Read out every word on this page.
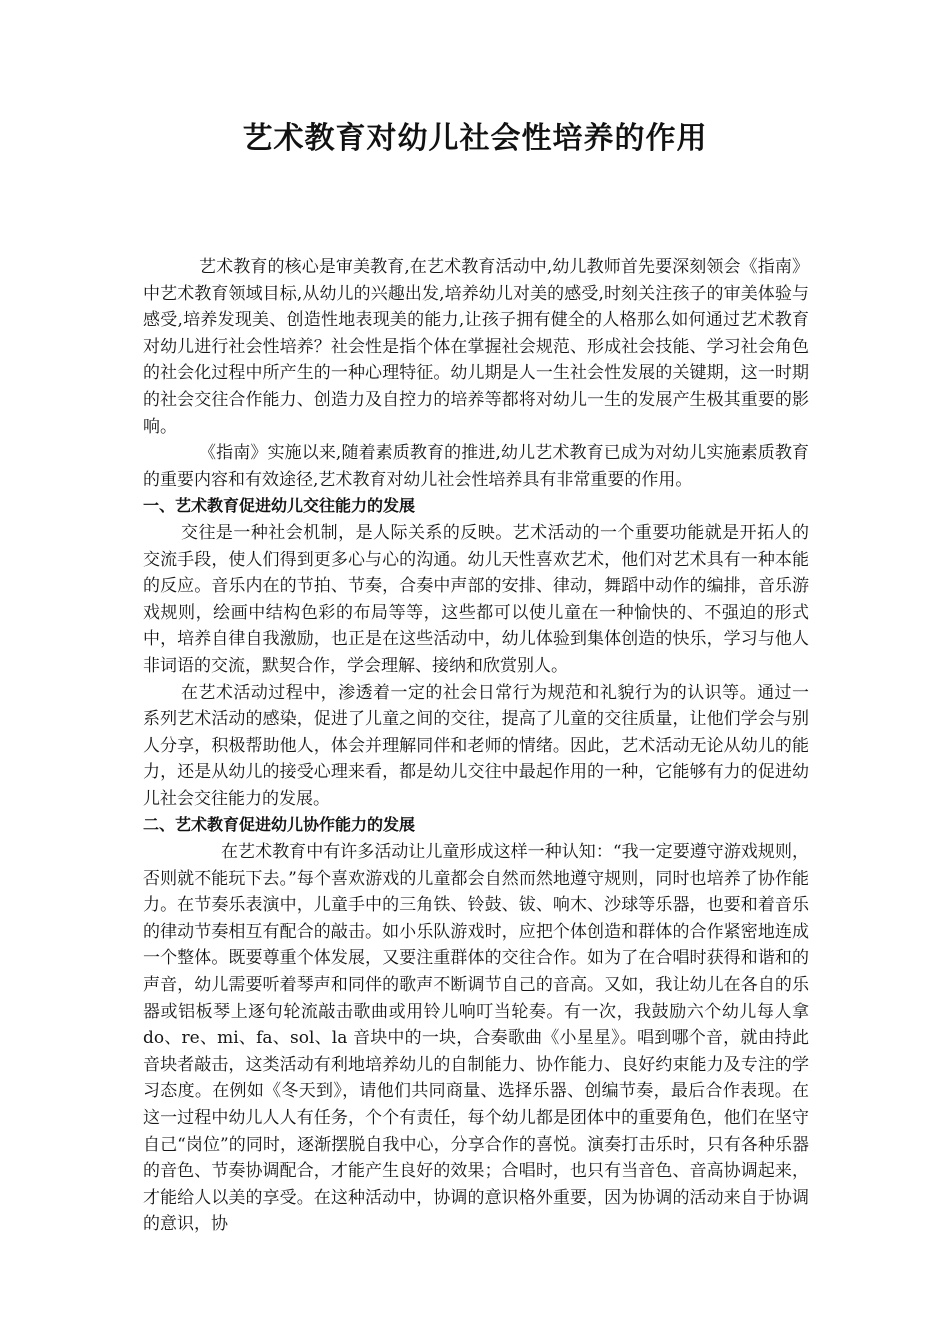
艺术教育对幼儿社会性培养的作用

艺术教育的核心是审美教育,在艺术教育活动中,幼儿教师首先要深刻领会《指南》中艺术教育领域目标,从幼儿的兴趣出发,培养幼儿对美的感受,时刻关注孩子的审美体验与感受,培养发现美、创造性地表现美的能力,让孩子拥有健全的人格那么如何通过艺术教育对幼儿进行社会性培养？社会性是指个体在掌握社会规范、形成社会技能、学习社会角色的社会化过程中所产生的一种心理特征。幼儿期是人一生社会性发展的关键期，这一时期的社会交往合作能力、创造力及自控力的培养等都将对幼儿一生的发展产生极其重要的影响。

《指南》实施以来,随着素质教育的推进,幼儿艺术教育已成为对幼儿实施素质教育的重要内容和有效途径,艺术教育对幼儿社会性培养具有非常重要的作用。

一、艺术教育促进幼儿交往能力的发展

交往是一种社会机制，是人际关系的反映。艺术活动的一个重要功能就是开拓人的交流手段，使人们得到更多心与心的沟通。幼儿天性喜欢艺术，他们对艺术具有一种本能的反应。音乐内在的节拍、节奏，合奏中声部的安排、律动，舞蹈中动作的编排，音乐游戏规则，绘画中结构色彩的布局等等，这些都可以使儿童在一种愉快的、不强迫的形式中，培养自律自我激励，也正是在这些活动中，幼儿体验到集体创造的快乐，学习与他人非词语的交流，默契合作，学会理解、接纳和欣赏别人。

在艺术活动过程中，渗透着一定的社会日常行为规范和礼貌行为的认识等。通过一系列艺术活动的感染，促进了儿童之间的交往，提高了儿童的交往质量，让他们学会与别人分享，积极帮助他人，体会并理解同伴和老师的情绪。因此，艺术活动无论从幼儿的能力，还是从幼儿的接受心理来看，都是幼儿交往中最起作用的一种，它能够有力的促进幼儿社会交往能力的发展。

二、艺术教育促进幼儿协作能力的发展

在艺术教育中有许多活动让儿童形成这样一种认知：“我一定要遵守游戏规则，否则就不能玩下去。”每个喜欢游戏的儿童都会自然而然地遵守规则，同时也培养了协作能力。在节奏乐表演中，儿童手中的三角铁、铃鼓、钹、响木、沙球等乐器，也要和着音乐的律动节奏相互有配合的敲击。如小乐队游戏时，应把个体创造和群体的合作紧密地连成一个整体。既要尊重个体发展，又要注重群体的交往合作。如为了在合唱时获得和谐和的声音，幼儿需要听着琴声和同伴的歌声不断调节自己的音高。又如，我让幼儿在各自的乐器或铝板琴上逐句轮流敲击歌曲或用铃儿响叮当轮奏。有一次，我鼓励六个幼儿每人拿 do、re、mi、fa、sol、la 音块中的一块，合奏歌曲《小星星》。唱到哪个音，就由持此音块者敲击，这类活动有利地培养幼儿的自制能力、协作能力、良好约束能力及专注的学习态度。在例如《冬天到》，请他们共同商量、选择乐器、创编节奏，最后合作表现。在这一过程中幼儿人人有任务，个个有责任，每个幼儿都是团体中的重要角色，他们在坚守自己“岗位”的同时，逐渐摆脱自我中心，分享合作的喜悦。演奏打击乐时，只有各种乐器的音色、节奏协调配合，才能产生良好的效果；合唱时，也只有当音色、音高协调起来，才能给人以美的享受。在这种活动中，协调的意识格外重要，因为协调的活动来自于协调的意识，协
